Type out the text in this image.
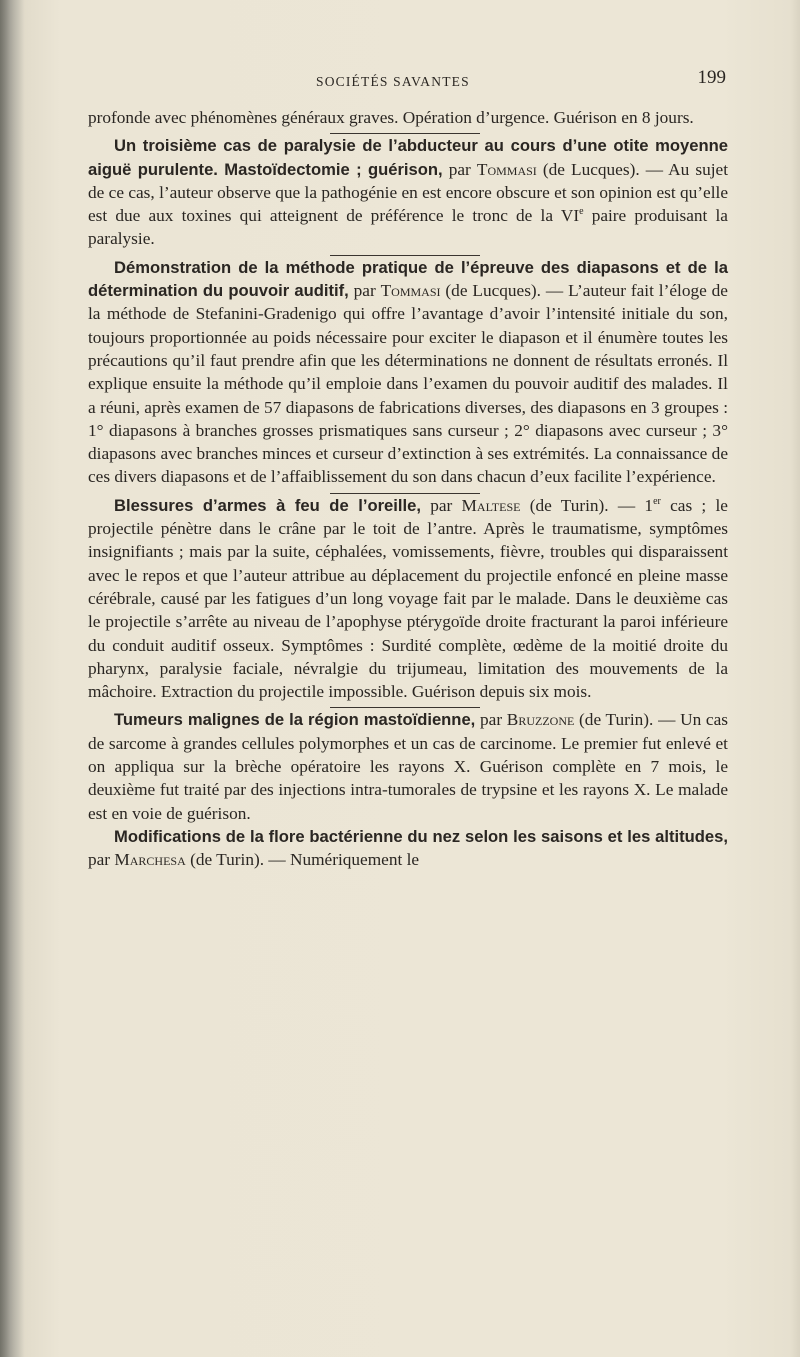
SOCIÉTÉS SAVANTES	199

profonde avec phénomènes généraux graves. Opération d’urgence. Guérison en 8 jours.

Un troisième cas de paralysie de l’abducteur au cours d’une otite moyenne aiguë purulente. Mastoïdectomie ; guérison, par Tommasi (de Lucques). — Au sujet de ce cas, l’auteur observe que la pathogénie en est encore obscure et son opinion est qu’elle est due aux toxines qui atteignent de préférence le tronc de la VIe paire produisant la paralysie.

Démonstration de la méthode pratique de l’épreuve des diapasons et de la détermination du pouvoir auditif, par Tommasi (de Lucques). — L’auteur fait l’éloge de la méthode de Stefanini-Gradenigo qui offre l’avantage d’avoir l’intensité initiale du son, toujours proportionnée au poids nécessaire pour exciter le diapason et il énumère toutes les précautions qu’il faut prendre afin que les déterminations ne donnent de résultats erronés. Il explique ensuite la méthode qu’il emploie dans l’examen du pouvoir auditif des malades. Il a réuni, après examen de 57 diapasons de fabrications diverses, des diapasons en 3 groupes : 1° diapasons à branches grosses prismatiques sans curseur ; 2° diapasons avec curseur ; 3° diapasons avec branches minces et curseur d’extinction à ses extrémités. La connaissance de ces divers diapasons et de l’affaiblissement du son dans chacun d’eux facilite l’expérience.

Blessures d’armes à feu de l’oreille, par Maltese (de Turin). — 1er cas ; le projectile pénètre dans le crâne par le toit de l’antre. Après le traumatisme, symptômes insignifiants ; mais par la suite, céphalées, vomissements, fièvre, troubles qui disparaissent avec le repos et que l’auteur attribue au déplacement du projectile enfoncé en pleine masse cérébrale, causé par les fatigues d’un long voyage fait par le malade. Dans le deuxième cas le projectile s’arrête au niveau de l’apophyse ptérygoïde droite fracturant la paroi inférieure du conduit auditif osseux. Symptômes : Surdité complète, œdème de la moitié droite du pharynx, paralysie faciale, névralgie du trijumeau, limitation des mouvements de la mâchoire. Extraction du projectile impossible. Guérison depuis six mois.

Tumeurs malignes de la région mastoïdienne, par Bruzzone (de Turin). — Un cas de sarcome à grandes cellules polymorphes et un cas de carcinome. Le premier fut enlevé et on appliqua sur la brèche opératoire les rayons X. Guérison complète en 7 mois, le deuxième fut traité par des injections intra-tumorales de trypsine et les rayons X. Le malade est en voie de guérison.

Modifications de la flore bactérienne du nez selon les saisons et les altitudes, par Marchesa (de Turin). — Numériquement le
